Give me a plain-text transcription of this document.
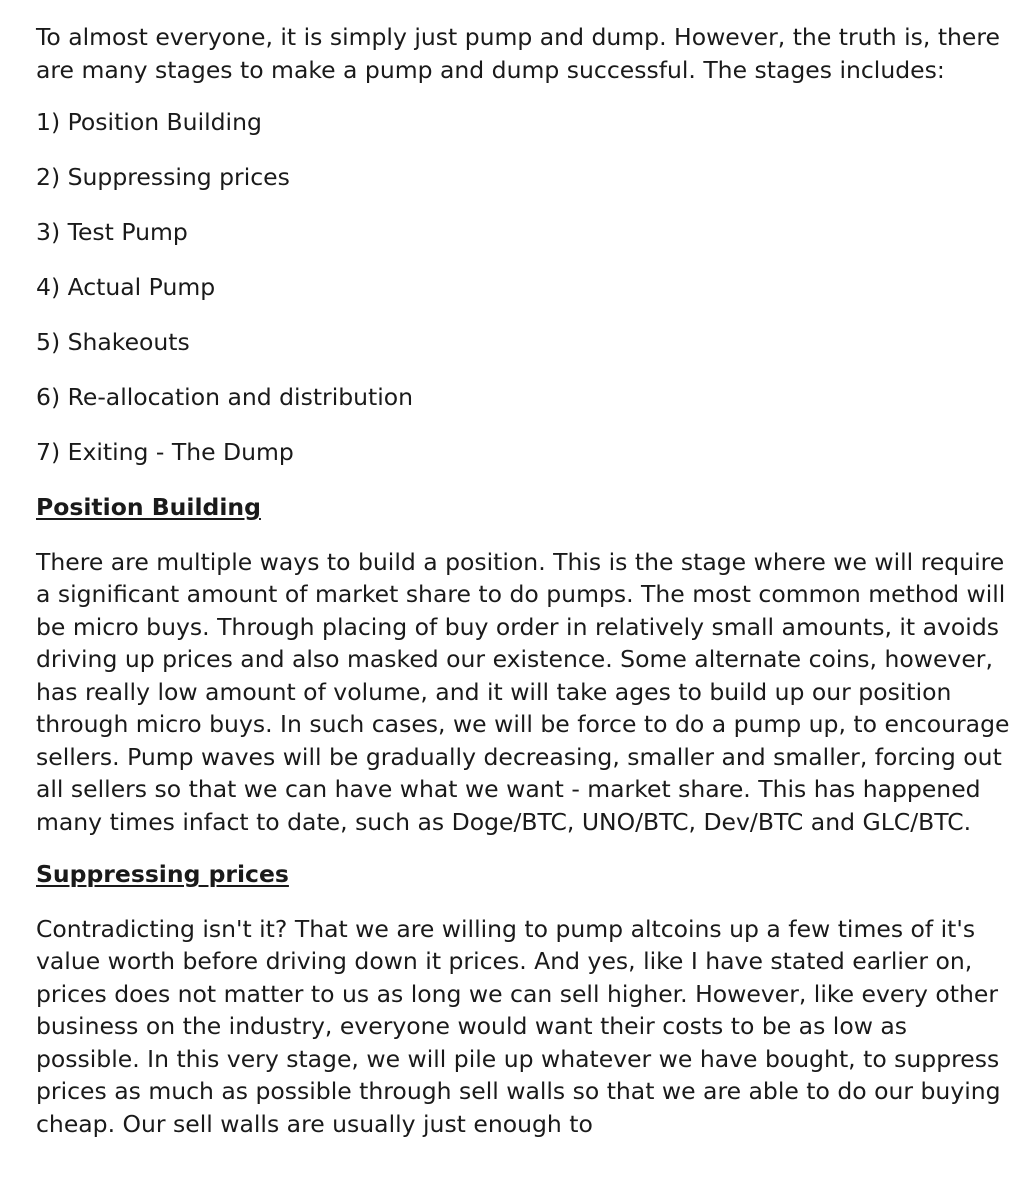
To almost everyone, it is simply just pump and dump. However, the truth is, there are many stages to make a pump and dump successful. The stages includes:

1) Position Building
2) Suppressing prices
3) Test Pump
4) Actual Pump
5) Shakeouts
6) Re-allocation and distribution
7) Exiting - The Dump
Position Building

There are multiple ways to build a position. This is the stage where we will require a significant amount of market share to do pumps. The most common method will be micro buys. Through placing of buy order in relatively small amounts, it avoids driving up prices and also masked our existence. Some alternate coins, however, has really low amount of volume, and it will take ages to build up our position through micro buys. In such cases, we will be force to do a pump up, to encourage sellers. Pump waves will be gradually decreasing, smaller and smaller, forcing out all sellers so that we can have what we want - market share. This has happened many times infact to date, such as Doge/BTC, UNO/BTC, Dev/BTC and GLC/BTC.

Suppressing prices

Contradicting isn't it? That we are willing to pump altcoins up a few times of it's value worth before driving down it prices. And yes, like I have stated earlier on, prices does not matter to us as long we can sell higher. However, like every other business on the industry, everyone would want their costs to be as low as possible. In this very stage, we will pile up whatever we have bought, to suppress prices as much as possible through sell walls so that we are able to do our buying cheap. Our sell walls are usually just enough to
